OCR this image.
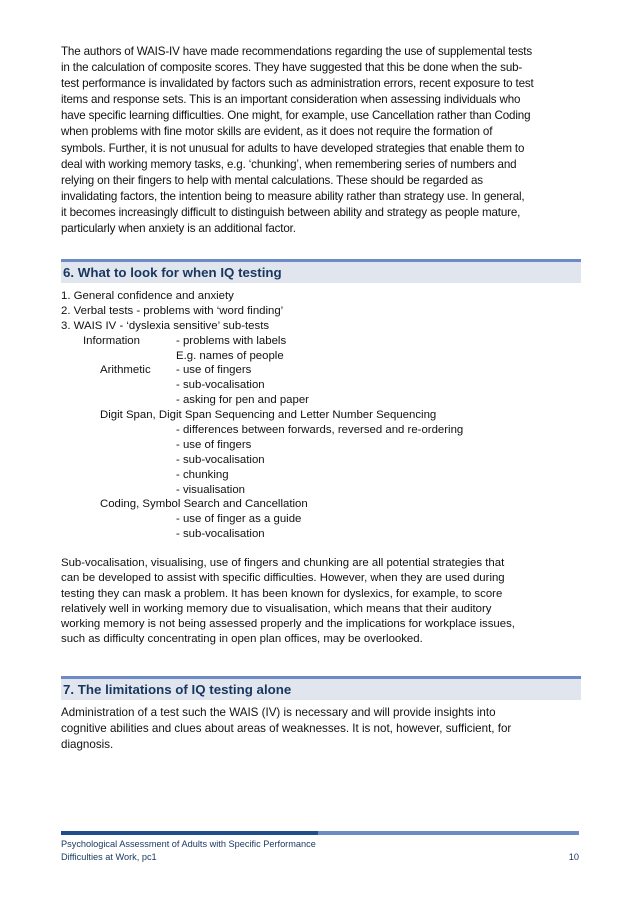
The authors of WAIS-IV have made recommendations regarding the use of supplemental tests

in the calculation of composite scores. They have suggested that this be done when the sub-

test performance is invalidated by factors such as administration errors, recent exposure to test

items and response sets. This is an important consideration when assessing individuals who

have specific learning difficulties. One might, for example, use Cancellation rather than Coding

when problems with fine motor skills are evident, as it does not require the formation of

symbols. Further, it is not unusual for adults to have developed strategies that enable them to

deal with working memory tasks, e.g. ‘chunking’, when remembering series of numbers and

relying on their fingers to help with mental calculations. These should be regarded as

invalidating factors, the intention being to measure ability rather than strategy use. In general,

it becomes increasingly difficult to distinguish between ability and strategy as people mature,

particularly when anxiety is an additional factor.

6. What to look for when IQ testing
1. General confidence and anxiety
2. Verbal tests - problems with ‘word finding’
3. WAIS IV - ‘dyslexia sensitive’ sub-tests
Information	- problems with labels
E.g. names of people
Arithmetic - use of fingers
- sub-vocalisation
- asking for pen and paper
Digit Span, Digit Span Sequencing and Letter Number Sequencing
- differences between forwards, reversed and re-ordering
- use of fingers
- sub-vocalisation
- chunking
- visualisation
Coding, Symbol Search and Cancellation
- use of finger as a guide
- sub-vocalisation

Sub-vocalisation, visualising, use of fingers and chunking are all potential strategies that

can be developed to assist with specific difficulties. However, when they are used during

testing they can mask a problem. It has been known for dyslexics, for example, to score

relatively well in working memory due to visualisation, which means that their auditory

working memory is not being assessed properly and the implications for workplace issues,

such as difficulty concentrating in open plan offices, may be overlooked.

7. The limitations of IQ testing alone

Administration of a test such the WAIS (IV) is necessary and will provide insights into

cognitive abilities and clues about areas of weaknesses. It is not, however, sufficient, for

diagnosis.

Psychological Assessment of Adults with Specific Performance
Difficulties at Work, pc1	10
